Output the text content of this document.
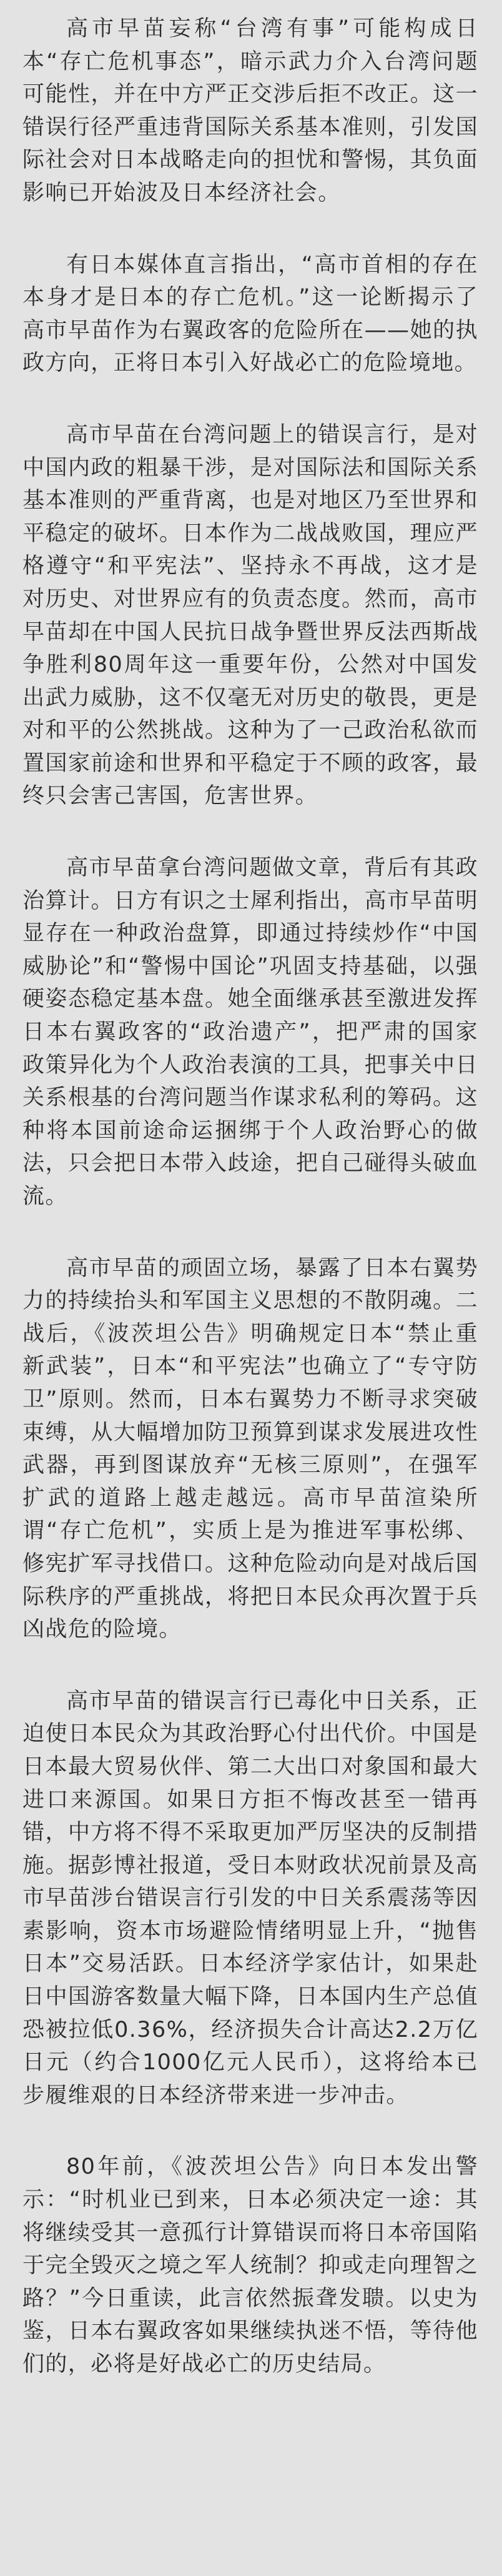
高市早苗妄称“台湾有事”可能构成日本“存亡危机事态”，暗示武力介入台湾问题可能性，并在中方严正交涉后拒不改正。这一错误行径严重违背国际关系基本准则，引发国际社会对日本战略走向的担忧和警惕，其负面影响已开始波及日本经济社会。

有日本媒体直言指出，“高市首相的存在本身才是日本的存亡危机。”这一论断揭示了高市早苗作为右翼政客的危险所在——她的执政方向，正将日本引入好战必亡的危险境地。

高市早苗在台湾问题上的错误言行，是对中国内政的粗暴干涉，是对国际法和国际关系基本准则的严重背离，也是对地区乃至世界和平稳定的破坏。日本作为二战战败国，理应严格遵守“和平宪法”、坚持永不再战，这才是对历史、对世界应有的负责态度。然而，高市早苗却在中国人民抗日战争暨世界反法西斯战争胜利80周年这一重要年份，公然对中国发出武力威胁，这不仅毫无对历史的敬畏，更是对和平的公然挑战。这种为了一己政治私欲而置国家前途和世界和平稳定于不顾的政客，最终只会害己害国，危害世界。

高市早苗拿台湾问题做文章，背后有其政治算计。日方有识之士犀利指出，高市早苗明显存在一种政治盘算，即通过持续炒作“中国威胁论”和“警惕中国论”巩固支持基础，以强硬姿态稳定基本盘。她全面继承甚至激进发挥日本右翼政客的“政治遗产”，把严肃的国家政策异化为个人政治表演的工具，把事关中日关系根基的台湾问题当作谋求私利的筹码。这种将本国前途命运捆绑于个人政治野心的做法，只会把日本带入歧途，把自己碰得头破血流。

高市早苗的顽固立场，暴露了日本右翼势力的持续抬头和军国主义思想的不散阴魂。二战后，《波茨坦公告》明确规定日本“禁止重新武装”，日本“和平宪法”也确立了“专守防卫”原则。然而，日本右翼势力不断寻求突破束缚，从大幅增加防卫预算到谋求发展进攻性武器，再到图谋放弃“无核三原则”，在强军扩武的道路上越走越远。高市早苗渲染所谓“存亡危机”，实质上是为推进军事松绑、修宪扩军寻找借口。这种危险动向是对战后国际秩序的严重挑战，将把日本民众再次置于兵凶战危的险境。

高市早苗的错误言行已毒化中日关系，正迫使日本民众为其政治野心付出代价。中国是日本最大贸易伙伴、第二大出口对象国和最大进口来源国。如果日方拒不悔改甚至一错再错，中方将不得不采取更加严厉坚决的反制措施。据彭博社报道，受日本财政状况前景及高市早苗涉台错误言行引发的中日关系震荡等因素影响，资本市场避险情绪明显上升，“抛售日本”交易活跃。日本经济学家估计，如果赴日中国游客数量大幅下降，日本国内生产总值恐被拉低0.36%，经济损失合计高达2.2万亿日元（约合1000亿元人民币），这将给本已步履维艰的日本经济带来进一步冲击。

80年前，《波茨坦公告》向日本发出警示：“时机业已到来，日本必须决定一途：其将继续受其一意孤行计算错误而将日本帝国陷于完全毁灭之境之军人统制？抑或走向理智之路？”今日重读，此言依然振聋发聩。以史为鉴，日本右翼政客如果继续执迷不悟，等待他们的，必将是好战必亡的历史结局。
